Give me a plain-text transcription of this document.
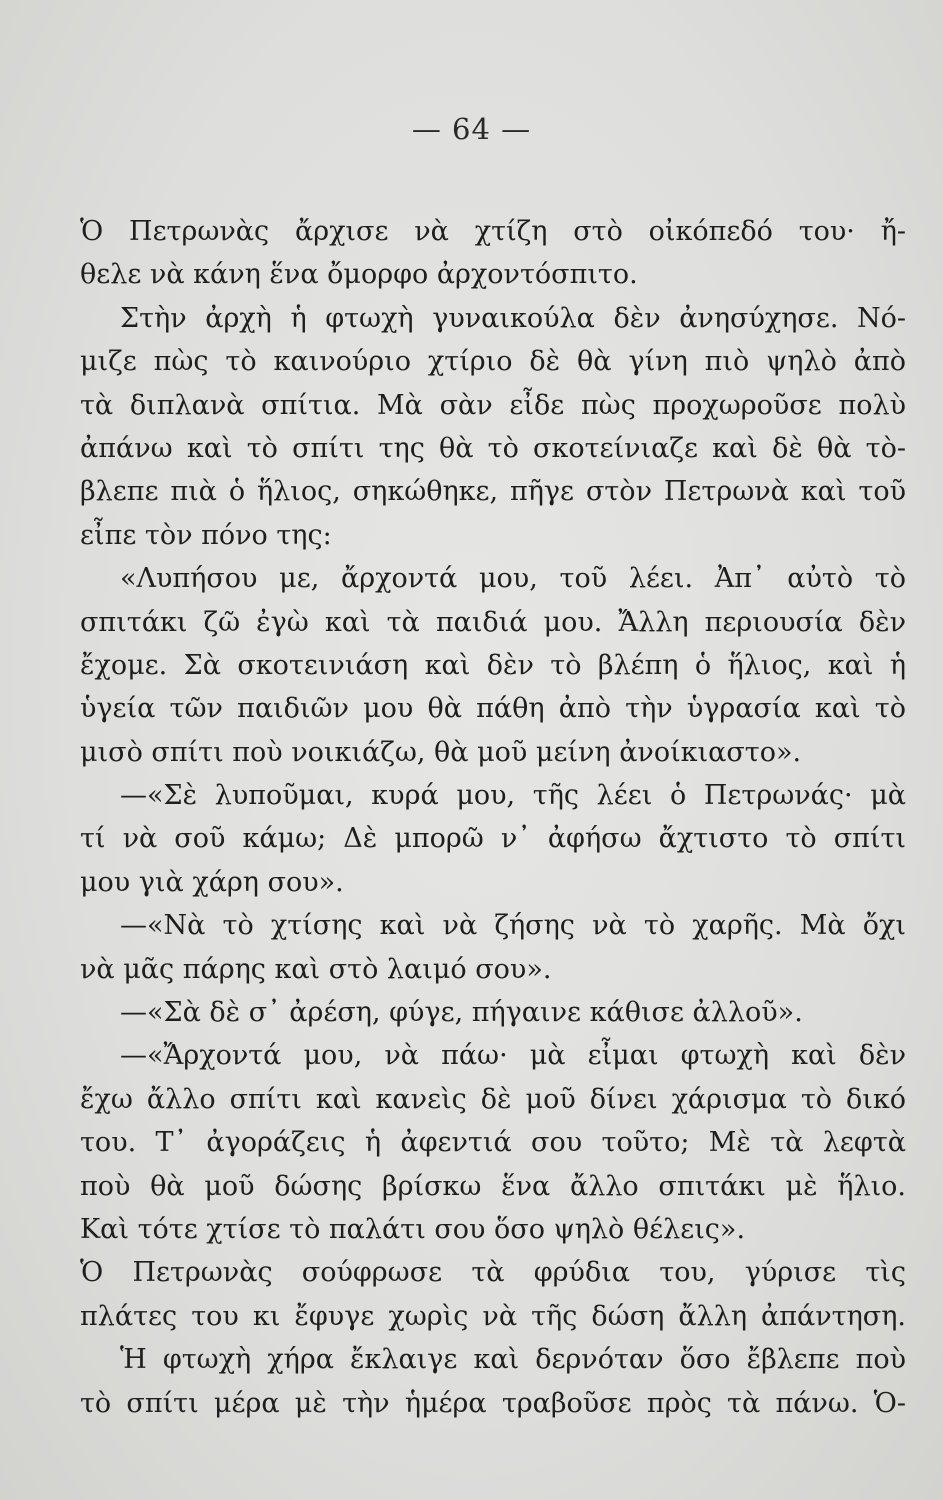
— 64 —
Ὁ Πετρωνὰς ἄρχισε νὰ χτίζη στὸ οἰκόπεδό του· ἤ-
θελε νὰ κάνη ἕνα ὄμορφο ἀρχοντόσπιτο.
Στὴν ἀρχὴ ἡ φτωχὴ γυναικούλα δὲν ἀνησύχησε. Νό-
μιζε πὼς τὸ καινούριο χτίριο δὲ θὰ γίνη πιὸ ψηλὸ ἀπὸ
τὰ διπλανὰ σπίτια. Μὰ σὰν εἶδε πὼς προχωροῦσε πολὺ
ἀπάνω καὶ τὸ σπίτι της θὰ τὸ σκοτείνιαζε καὶ δὲ θὰ τὸ-
βλεπε πιὰ ὁ ἥλιος, σηκώθηκε, πῆγε στὸν Πετρωνὰ καὶ τοῦ
εἶπε τὸν πόνο της:
«Λυπήσου με, ἄρχοντά μου, τοῦ λέει. Ἀπ᾿ αὐτὸ τὸ
σπιτάκι ζῶ ἐγὼ καὶ τὰ παιδιά μου. Ἄλλη περιουσία δὲν
ἔχομε. Σὰ σκοτεινιάση καὶ δὲν τὸ βλέπη ὁ ἥλιος, καὶ ἡ
ὑγεία τῶν παιδιῶν μου θὰ πάθη ἀπὸ τὴν ὑγρασία καὶ τὸ
μισὸ σπίτι ποὺ νοικιάζω, θὰ μοῦ μείνη ἀνοίκιαστο».
—«Σὲ λυποῦμαι, κυρά μου, τῆς λέει ὁ Πετρωνάς· μὰ
τί νὰ σοῦ κάμω; Δὲ μπορῶ ν᾿ ἀφήσω ἄχτιστο τὸ σπίτι
μου γιὰ χάρη σου».
—«Νὰ τὸ χτίσης καὶ νὰ ζήσης νὰ τὸ χαρῆς. Μὰ ὄχι
νὰ μᾶς πάρης καὶ στὸ λαιμό σου».
—«Σὰ δὲ σ᾿ ἀρέση, φύγε, πήγαινε κάθισε ἀλλοῦ».
—«Ἄρχοντά μου, νὰ πάω· μὰ εἶμαι φτωχὴ καὶ δὲν
ἔχω ἄλλο σπίτι καὶ κανεὶς δὲ μοῦ δίνει χάρισμα τὸ δικό
του. Τ᾿ ἀγοράζεις ἡ ἀφεντιά σου τοῦτο; Μὲ τὰ λεφτὰ
ποὺ θὰ μοῦ δώσης βρίσκω ἕνα ἄλλο σπιτάκι μὲ ἥλιο.
Καὶ τότε χτίσε τὸ παλάτι σου ὅσο ψηλὸ θέλεις».
Ὁ Πετρωνὰς σούφρωσε τὰ φρύδια του, γύρισε τὶς
πλάτες του κι ἔφυγε χωρὶς νὰ τῆς δώση ἄλλη ἀπάντηση.
Ἡ φτωχὴ χήρα ἔκλαιγε καὶ δερνόταν ὅσο ἔβλεπε ποὺ
τὸ σπίτι μέρα μὲ τὴν ἡμέρα τραβοῦσε πρὸς τὰ πάνω. Ὁ-
